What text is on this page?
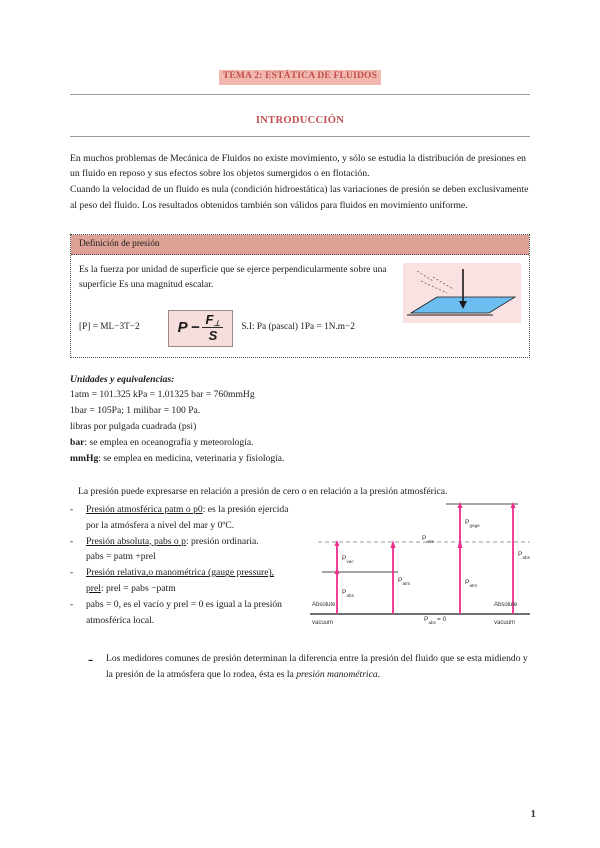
TEMA 2: ESTÁTICA DE FLUIDOS
INTRODUCCIÓN

En muchos problemas de Mecánica de Fluidos no existe movimiento, y sólo se estudia la distribución de presiones en un fluido en reposo y sus efectos sobre los objetos sumergidos o en flotación.

Cuando la velocidad de un fluido es nula (condición hidroestática) las variaciones de presión se deben exclusivamente al peso del fluido. Los resultados obtenidos también son válidos para fluidos en movimiento uniforme.

Definición de presión
Es la fuerza por unidad de superficie que se ejerce perpendicularmente sobre una superficie Es una magnitud escalar.
[P] = ML−3T−2	$P - \frac{F_\perp}{S} S.I$: Pa (pascal) 1Pa = 1N.m−2
Unidades y equivalencias:
1atm = 101.325 kPa = 1.01325 bar = 760mmHg
1bar = 105Pa; 1 milibar = 100 Pa.
libras por pulgada cuadrada (psi)
bar: se emplea en oceanografía y meteorología.
mmHg: se emplea en medicina, veterinaria y fisiología.
La presión puede expresarse en relación a presión de cero o en relación a la presión atmosférica.
-	Presión atmosférica patm o p0: es la presión ejercida
por la atmósfera a nivel del mar y 0ºC.
-	Presión absoluta, pabs o p: presión ordinaria.
pabs = patm +prel
-	Presión relativa,o manométrica (gauge pressure),
prel: prel = pabs −patm
-	pabs = 0, es el vacío y prel = 0 es igual a la presión
atmosférica local.
P vac
P abs
P atm
P atm
P gage
P atm
P abs
P abs = 0
Absolute
vacuum
Absolute
vacuum
-	Los medidores comunes de presión determinan la diferencia entre la presión del fluido que se esta midiendo y la presión de la atmósfera que lo rodea, ésta es la presión manométrica.
1
